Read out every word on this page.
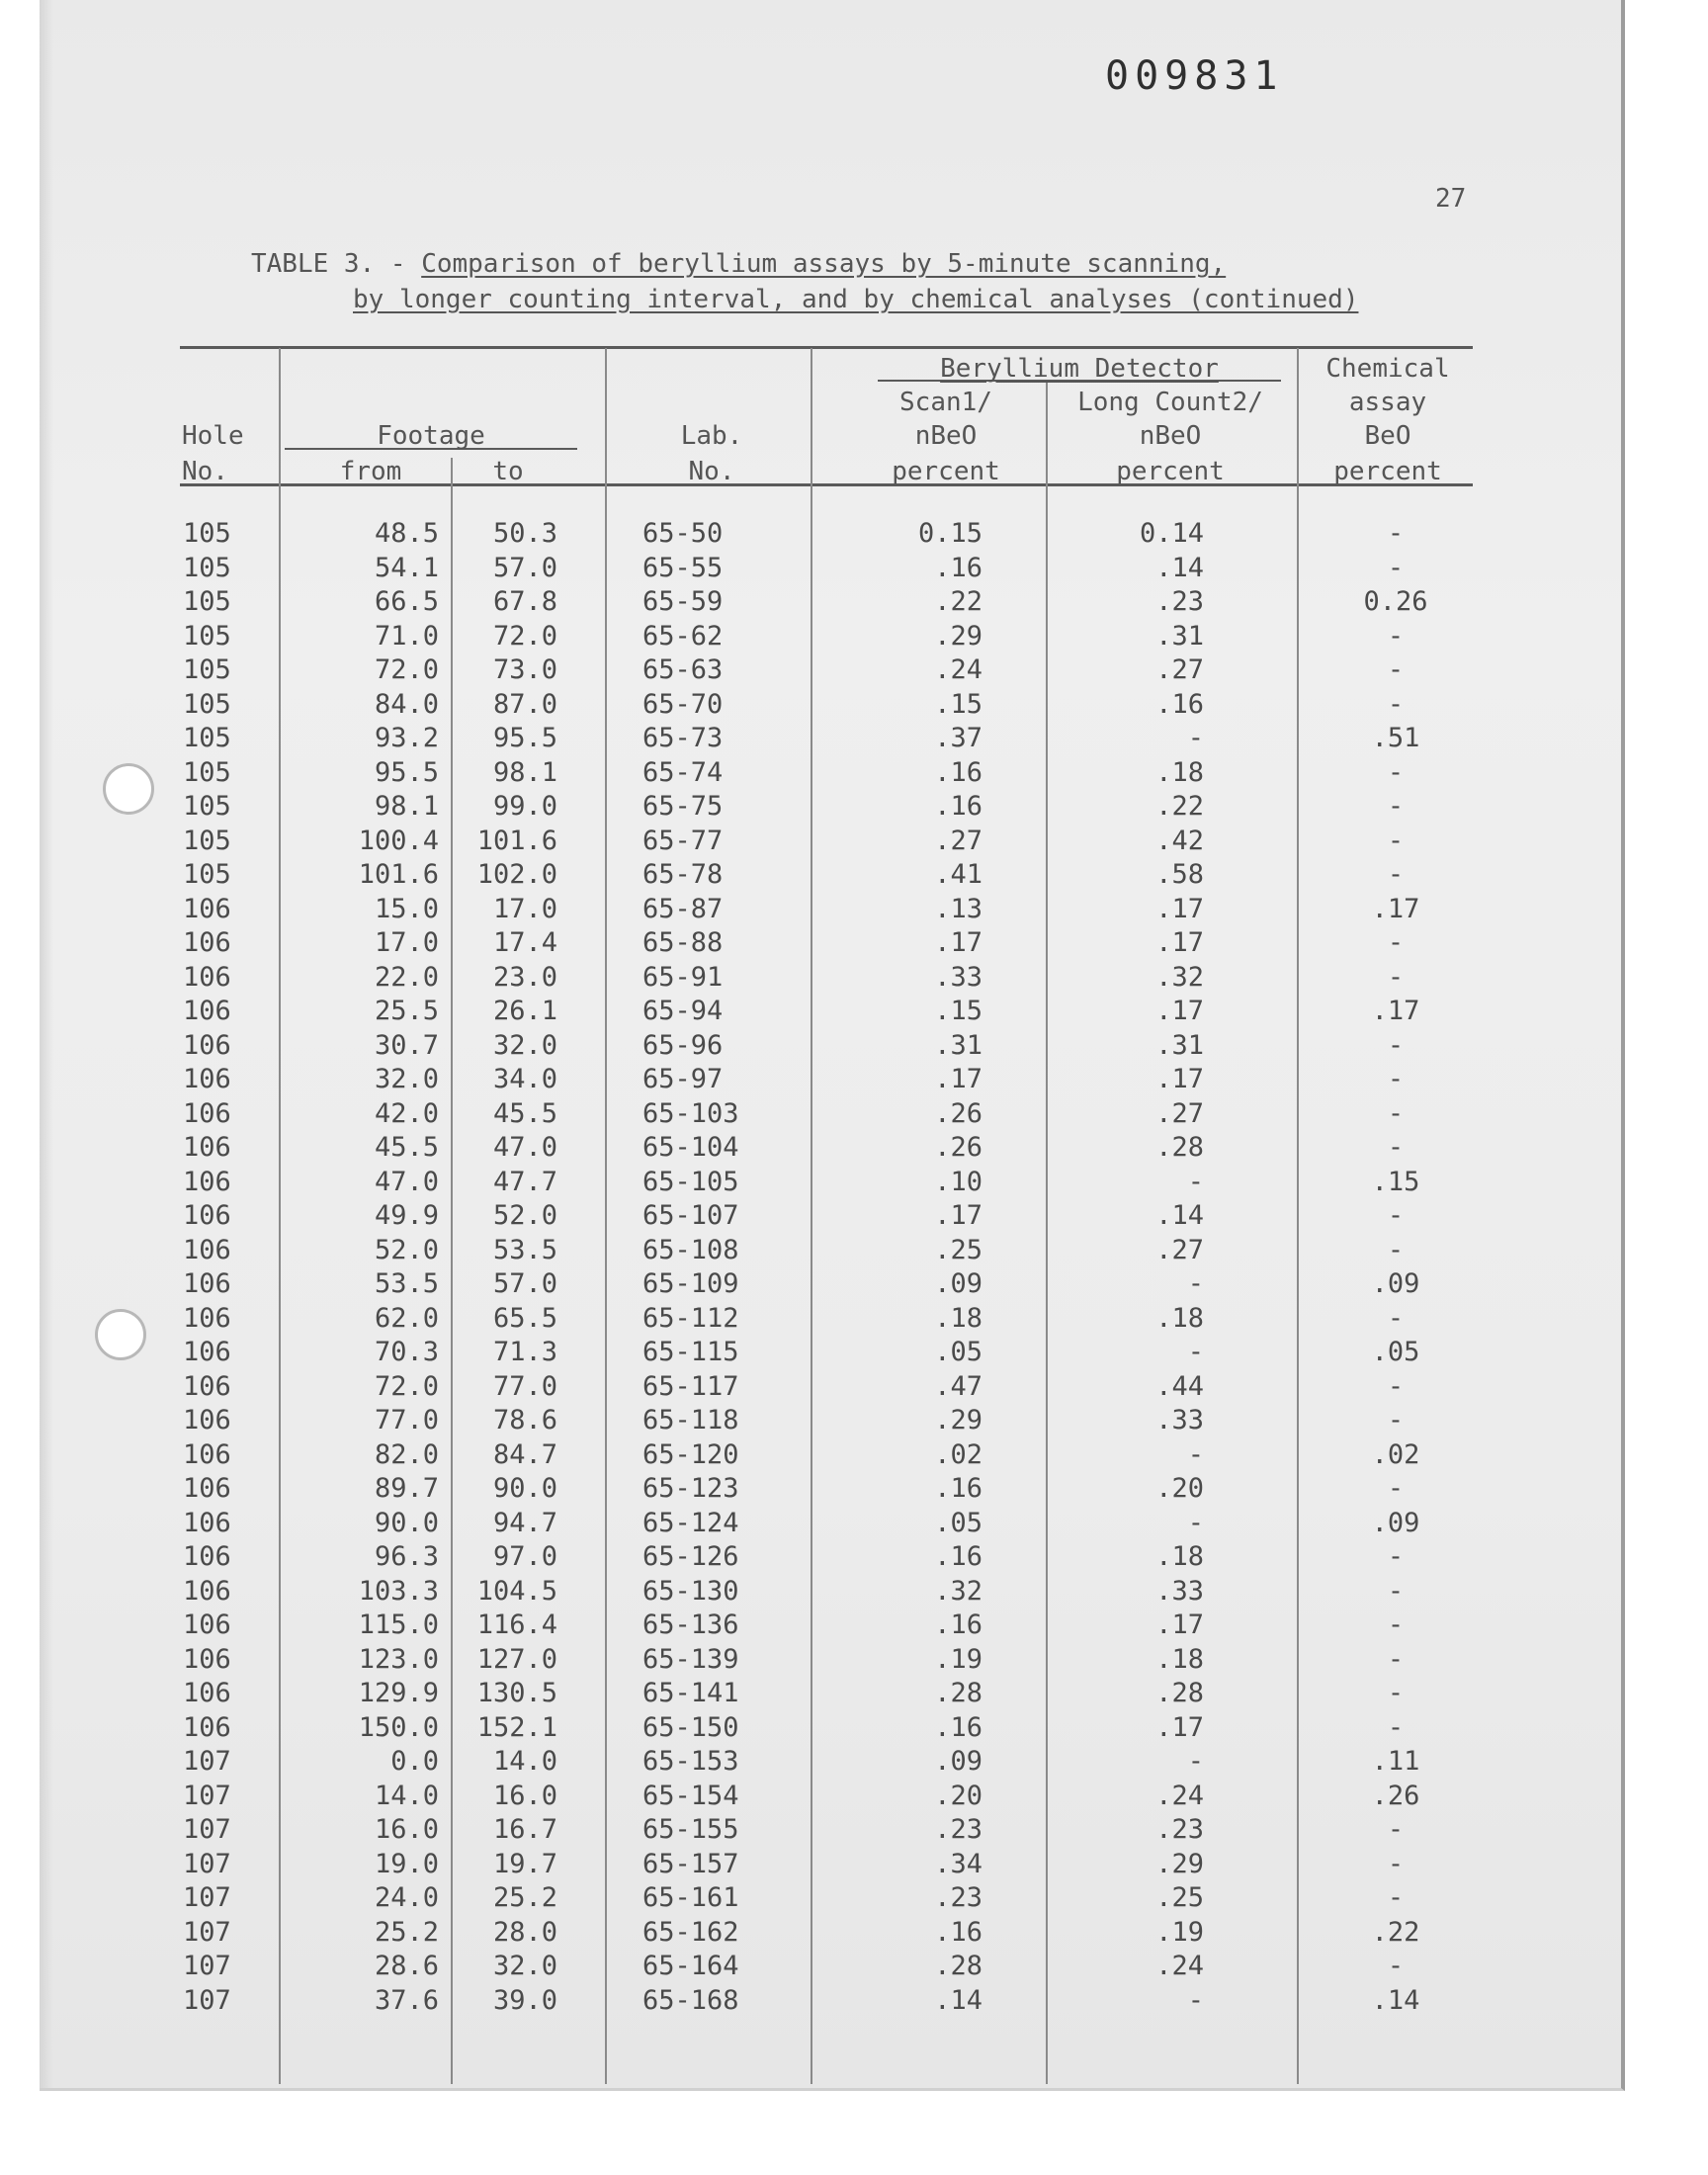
009831
27
TABLE 3. - Comparison of beryllium assays by 5-minute scanning,
by longer counting interval, and by chemical analyses (continued)
Hole
No.
Footage
from	to
Lab.
No.
Beryllium Detector
Scan1/	Long Count2/
nBeO	nBeO
percent	percent
Chemical
assay
BeO
percent
105	48.5	50.3	65-50	0.15	0.14	-
105	54.1	57.0	65-55	.16	.14	-
105	66.5	67.8	65-59	.22	.23	0.26
105	71.0	72.0	65-62	.29	.31	-
105	72.0	73.0	65-63	.24	.27	-
105	84.0	87.0	65-70	.15	.16	-
105	93.2	95.5	65-73	.37	-	.51
105	95.5	98.1	65-74	.16	.18	-
105	98.1	99.0	65-75	.16	.22	-
105	100.4	101.6	65-77	.27	.42	-
105	101.6	102.0	65-78	.41	.58	-
106	15.0	17.0	65-87	.13	.17	.17
106	17.0	17.4	65-88	.17	.17	-
106	22.0	23.0	65-91	.33	.32	-
106	25.5	26.1	65-94	.15	.17	.17
106	30.7	32.0	65-96	.31	.31	-
106	32.0	34.0	65-97	.17	.17	-
106	42.0	45.5	65-103	.26	.27	-
106	45.5	47.0	65-104	.26	.28	-
106	47.0	47.7	65-105	.10	-	.15
106	49.9	52.0	65-107	.17	.14	-
106	52.0	53.5	65-108	.25	.27	-
106	53.5	57.0	65-109	.09	-	.09
106	62.0	65.5	65-112	.18	.18	-
106	70.3	71.3	65-115	.05	-	.05
106	72.0	77.0	65-117	.47	.44	-
106	77.0	78.6	65-118	.29	.33	-
106	82.0	84.7	65-120	.02	-	.02
106	89.7	90.0	65-123	.16	.20	-
106	90.0	94.7	65-124	.05	-	.09
106	96.3	97.0	65-126	.16	.18	-
106	103.3	104.5	65-130	.32	.33	-
106	115.0	116.4	65-136	.16	.17	-
106	123.0	127.0	65-139	.19	.18	-
106	129.9	130.5	65-141	.28	.28	-
106	150.0	152.1	65-150	.16	.17	-
107	0.0	14.0	65-153	.09	-	.11
107	14.0	16.0	65-154	.20	.24	.26
107	16.0	16.7	65-155	.23	.23	-
107	19.0	19.7	65-157	.34	.29	-
107	24.0	25.2	65-161	.23	.25	-
107	25.2	28.0	65-162	.16	.19	.22
107	28.6	32.0	65-164	.28	.24	-
107	37.6	39.0	65-168	.14	-	.14
